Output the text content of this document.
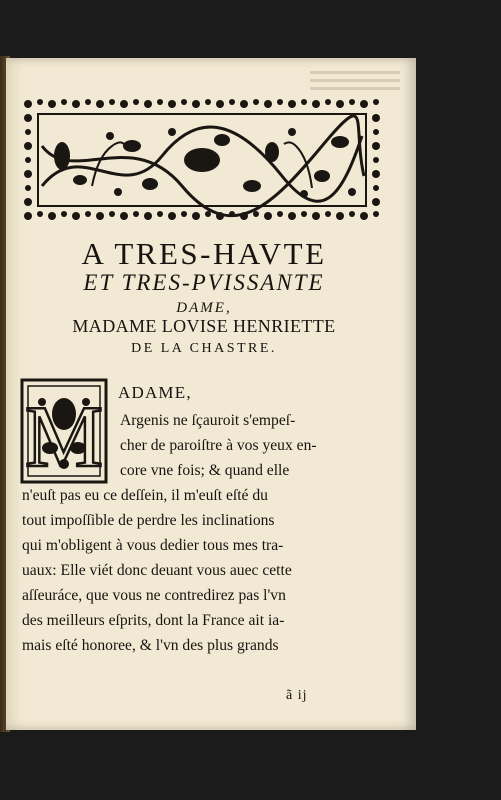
A TRES-HAVTE
ET TRES-PVISSANTE
DAME,
MADAME LOVISE HENRIETTE
DE LA CHASTRE.
M ADAME,
Argenis ne ſçauroit s'empeſ-
cher de paroiſtre à vos yeux en-
core vne fois; & quand elle
n'euſt pas eu ce deſſein, il m'euſt eſté du
tout impoſſible de perdre les inclinations
qui m'obligent à vous dedier tous mes tra-
uaux: Elle viét donc deuant vous auec cette
aſſeuráce, que vous ne contredirez pas l'vn
des meilleurs eſprits, dont la France ait ia-
mais eſté honoree, & l'vn des plus grands
ã ij
